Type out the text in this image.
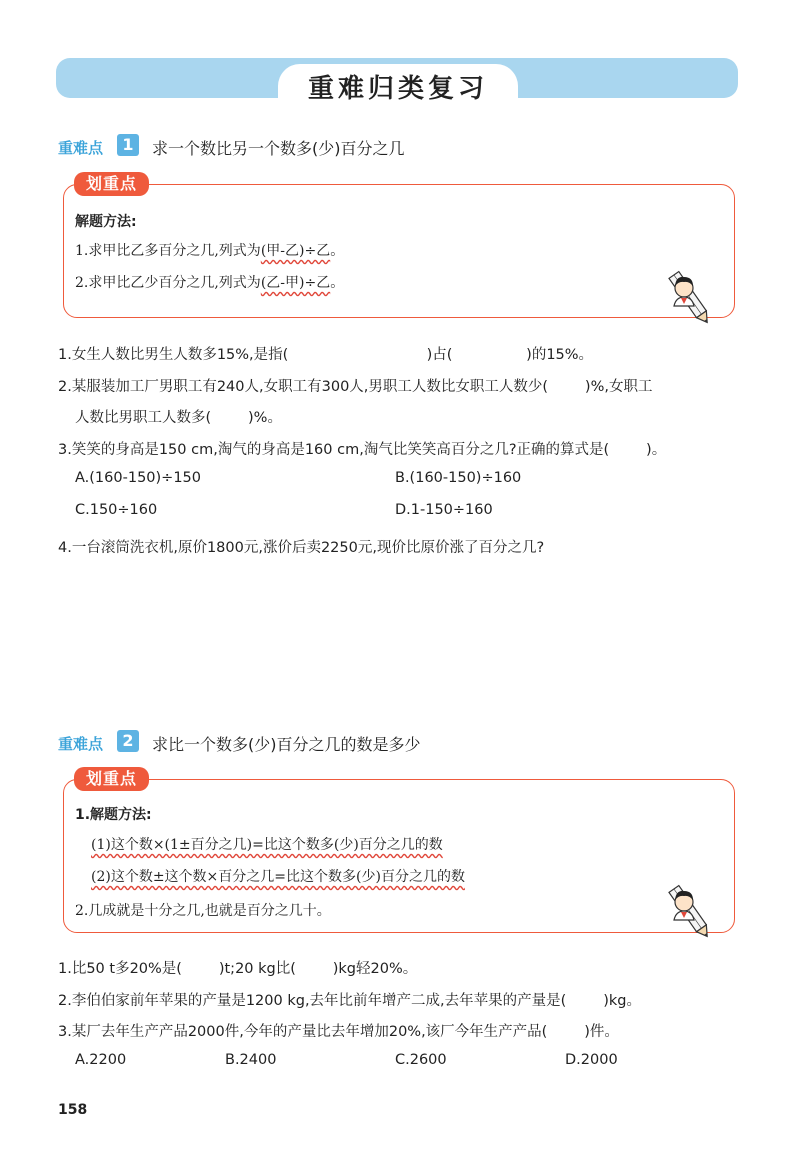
重难归类复习
重难点	1	求一个数比另一个数多(少)百分之几
划重点
解题方法:
1.求甲比乙多百分之几,列式为(甲-乙)÷乙。
2.求甲比乙少百分之几,列式为(乙-甲)÷乙。
1.女生人数比男生人数多15%,是指(                              )占(                )的15%。
2.某服装加工厂男职工有240人,女职工有300人,男职工人数比女职工人数少(        )%,女职工
人数比男职工人数多(        )%。
3.笑笑的身高是150 cm,淘气的身高是160 cm,淘气比笑笑高百分之几?正确的算式是(        )。
A.(160-150)÷150	B.(160-150)÷160
C.150÷160	D.1-150÷160
4.一台滚筒洗衣机,原价1800元,涨价后卖2250元,现价比原价涨了百分之几?
重难点	2	求比一个数多(少)百分之几的数是多少
划重点
1.解题方法:
(1)这个数×(1±百分之几)=比这个数多(少)百分之几的数
(2)这个数±这个数×百分之几=比这个数多(少)百分之几的数
2.几成就是十分之几,也就是百分之几十。
1.比50 t多20%是(        )t;20 kg比(        )kg轻20%。
2.李伯伯家前年苹果的产量是1200 kg,去年比前年增产二成,去年苹果的产量是(        )kg。
3.某厂去年生产产品2000件,今年的产量比去年增加20%,该厂今年生产产品(        )件。
A.2200	B.2400	C.2600	D.2000
158
